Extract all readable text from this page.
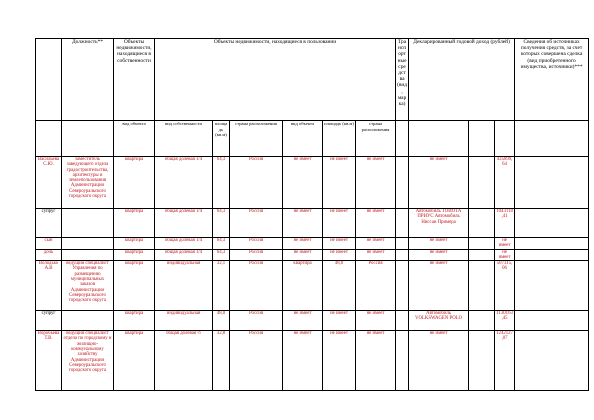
	Должность**	Объекты недвижимости, находящиеся в собственности	Объекты недвижимости, находящиеся в пользовании						Транспортные средства (вид, марка)	Декларированный годовой доход (рублей)			Сведения об источниках получения средств, за счет которых совершена сделка (вид приобретенного имущества, источники)***
		вид объекта	вид собственности	площадь (кв.м)	страна расположения	вид объекта	площадь (кв.м)	страна расположения					
Васильева С.Ю.	заместитель заведующего отдела градостроительства, архитектуры и землепользования Администрации Североуральского городского округа	квартира	общая долевая 1/4	64,3	Россия	не имеет	не имеет	не имеет		не имеет		435899,64	
супруг		квартира	общая долевая 1/4	64,3	Россия	не имеет	не имеет	не имеет		Автомобиль ТОЙОТА ПРИУС Автомобиль Ниссан Примера		1043118,41	
сын		квартира	общая долевая 1/4	64,3	Россия	не имеет	не имеет	не имеет		не имеет		не имеет	
дочь		квартира	общая долевая 1/4	64,3	Россия	не имеет	не имеет	не имеет		не имеет		не имеет	
Володько А.В	ведущий специалист Управления по размещению муниципальных заказов Администрации Североуральского городского округа	квартира	индивидуальная	32,1	Россия	квартира	48,0	Россия		не имеет		507315,06	
супруг		квартира	индивидуальная	48,0	Россия	не имеет	не имеет	не имеет		Автомобиль VOLKSWAGEN POLO		1130163,45	
Воробьева Т.В.	ведущий специалист отдела по городскому и жилищно-коммунальному хозяйству Администрации Североуральского городского округа	квартира	общая долевая ½	32,8	Россия	не имеет	не имеет	не имеет		не имеет		1242127,07	
